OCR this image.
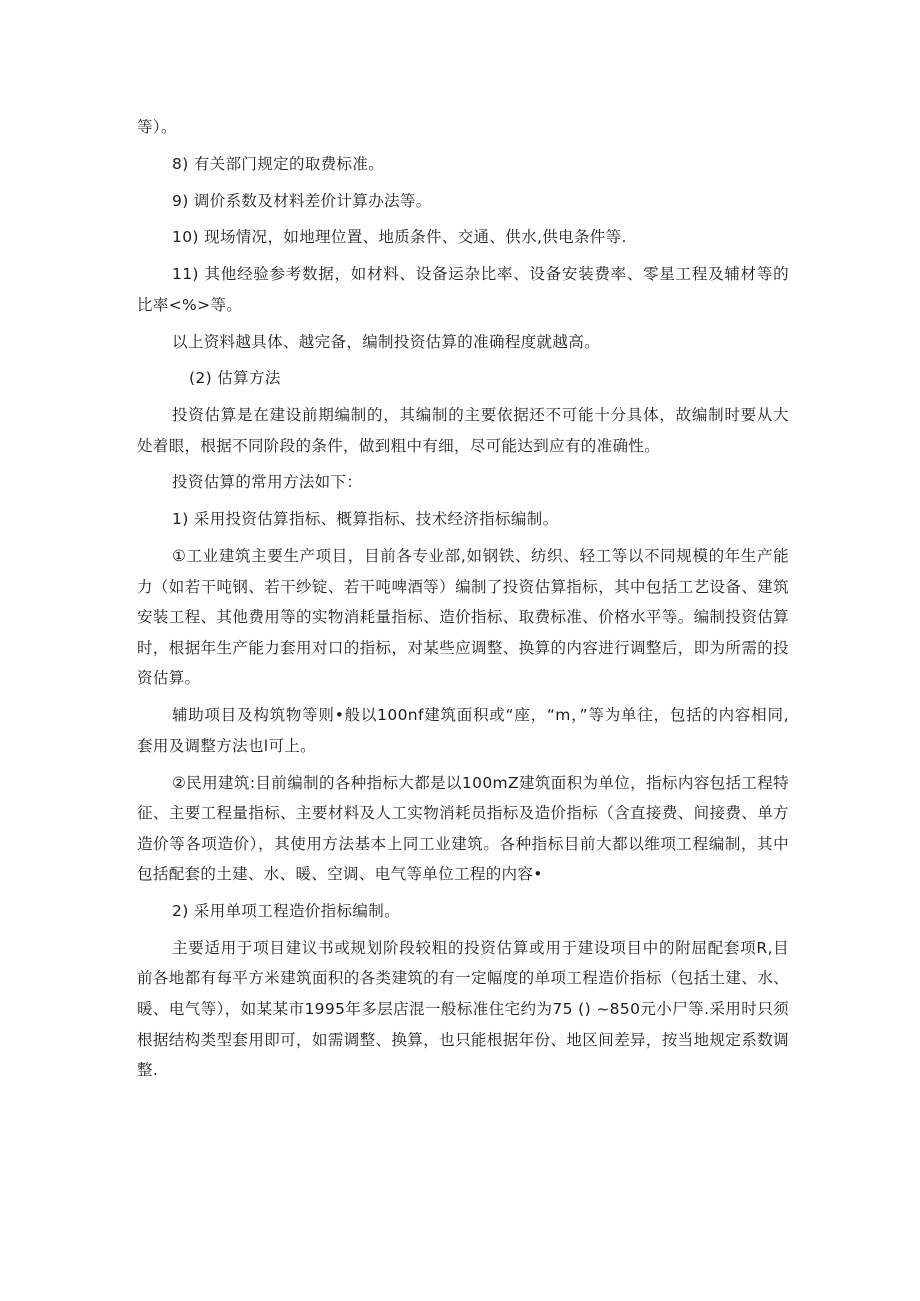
等）。

8) 有关部门规定的取费标准。

9) 调价系数及材料差价计算办法等。

10) 现场情况，如地理位置、地质条件、交通、供水,供电条件等.

11) 其他经验参考数据，如材料、设备运杂比率、设备安装费率、零星工程及辅材等的比率<%>等。

以上资料越具体、越完备，编制投资估算的准确程度就越高。

(2) 估算方法

投资估算是在建设前期编制的，其编制的主要依据还不可能十分具体，故编制时要从大处着眼，根据不同阶段的条件，做到粗中有细，尽可能达到应有的准确性。

投资估算的常用方法如下：

1) 采用投资估算指标、概算指标、技术经济指标编制。

①工业建筑主要生产项目，目前各专业部,如钢铁、纺织、轻工等以不同规模的年生产能力（如若干吨钢、若干纱锭、若干吨啤酒等）编制了投资估算指标，其中包括工艺设备、建筑安装工程、其他费用等的实物消耗量指标、造价指标、取费标准、价格水平等。编制投资估算时，根据年生产能力套用对口的指标，对某些应调整、换算的内容进行调整后，即为所需的投资估算。

辅助项目及构筑物等则•般以100nf建筑面积或“座，“m，”等为单往，包括的内容相同,套用及调整方法也l可上。

②民用建筑:目前编制的各种指标大都是以100mZ建筑面积为单位，指标内容包括工程特征、主要工程量指标、主要材料及人工实物消耗员指标及造价指标（含直接费、间接费、单方造价等各项造价），其使用方法基本上同工业建筑。各种指标目前大都以维项工程编制，其中包括配套的土建、水、暖、空调、电气等单位工程的内容•

2) 采用单项工程造价指标编制。

主要适用于项目建议书或规划阶段较粗的投资估算或用于建设项目中的附屈配套项R,目前各地都有每平方米建筑面积的各类建筑的有一定幅度的单项工程造价指标（包括土建、水、暖、电气等），如某某市1995年多层店混一般标准住宅约为75 () ~850元小尸等.采用时只须根据结构类型套用即可，如需调整、换算，也只能根据年份、地区间差异，按当地规定系数调整.
